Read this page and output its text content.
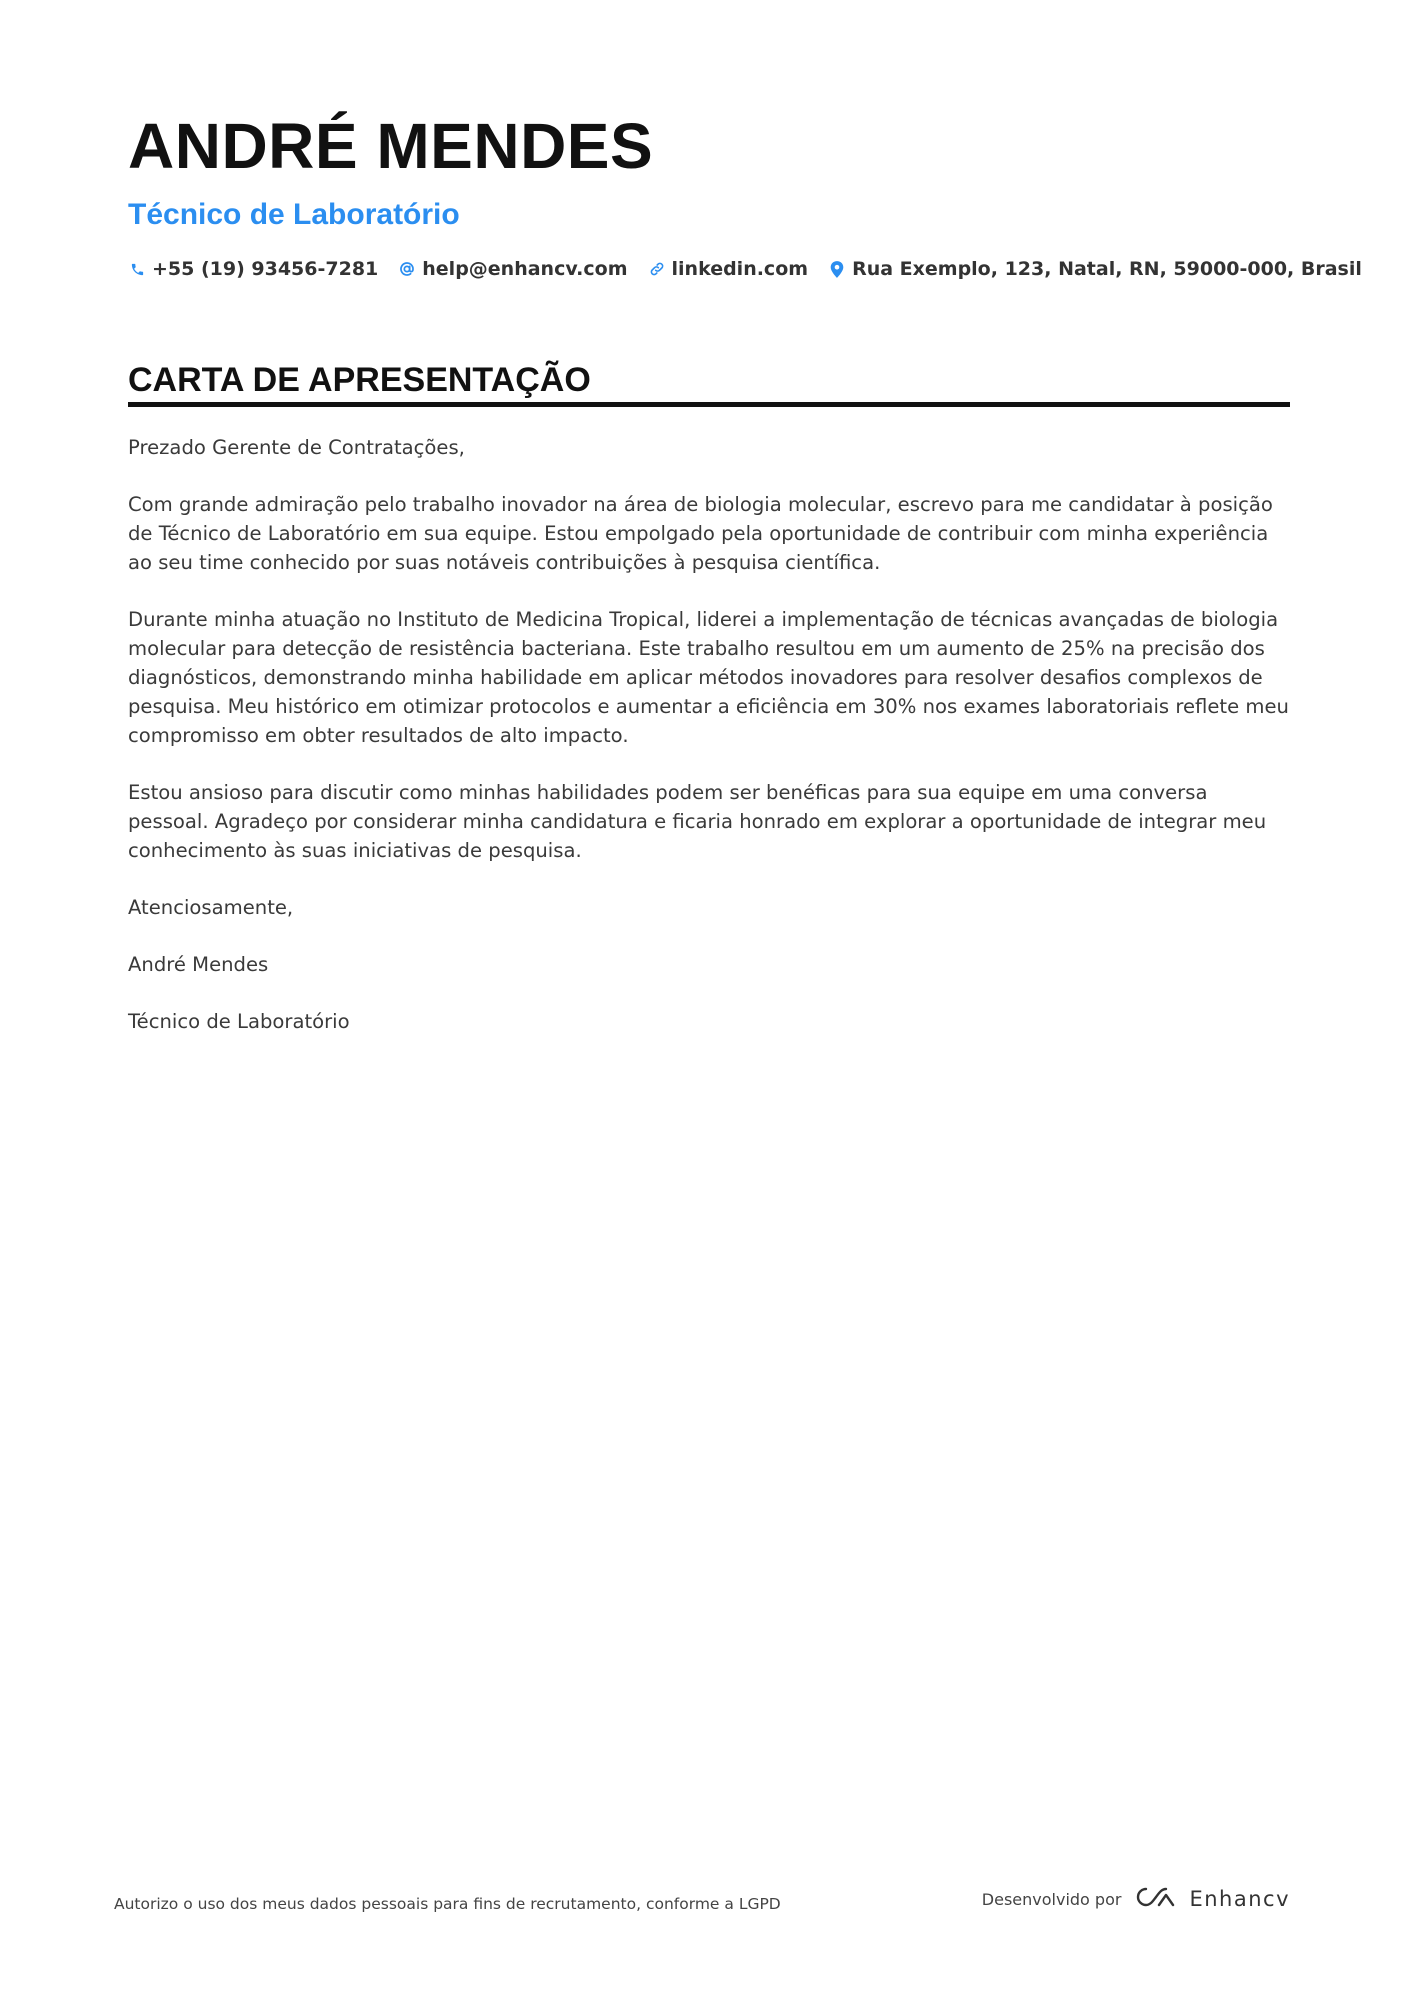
ANDRÉ MENDES
Técnico de Laboratório
+55 (19) 93456-7281 help@enhancv.com linkedin.com Rua Exemplo, 123, Natal, RN, 59000-000, Brasil
CARTA DE APRESENTAÇÃO

Prezado Gerente de Contratações,

Com grande admiração pelo trabalho inovador na área de biologia molecular, escrevo para me candidatar à posição de Técnico de Laboratório em sua equipe. Estou empolgado pela oportunidade de contribuir com minha experiência ao seu time conhecido por suas notáveis contribuições à pesquisa científica.

Durante minha atuação no Instituto de Medicina Tropical, liderei a implementação de técnicas avançadas de biologia molecular para detecção de resistência bacteriana. Este trabalho resultou em um aumento de 25% na precisão dos diagnósticos, demonstrando minha habilidade em aplicar métodos inovadores para resolver desafios complexos de pesquisa. Meu histórico em otimizar protocolos e aumentar a eficiência em 30% nos exames laboratoriais reflete meu compromisso em obter resultados de alto impacto.

Estou ansioso para discutir como minhas habilidades podem ser benéficas para sua equipe em uma conversa pessoal. Agradeço por considerar minha candidatura e ficaria honrado em explorar a oportunidade de integrar meu conhecimento às suas iniciativas de pesquisa.

Atenciosamente,

André Mendes

Técnico de Laboratório

Autorizo o uso dos meus dados pessoais para fins de recrutamento, conforme a LGPD	Desenvolvido por	Enhancv
